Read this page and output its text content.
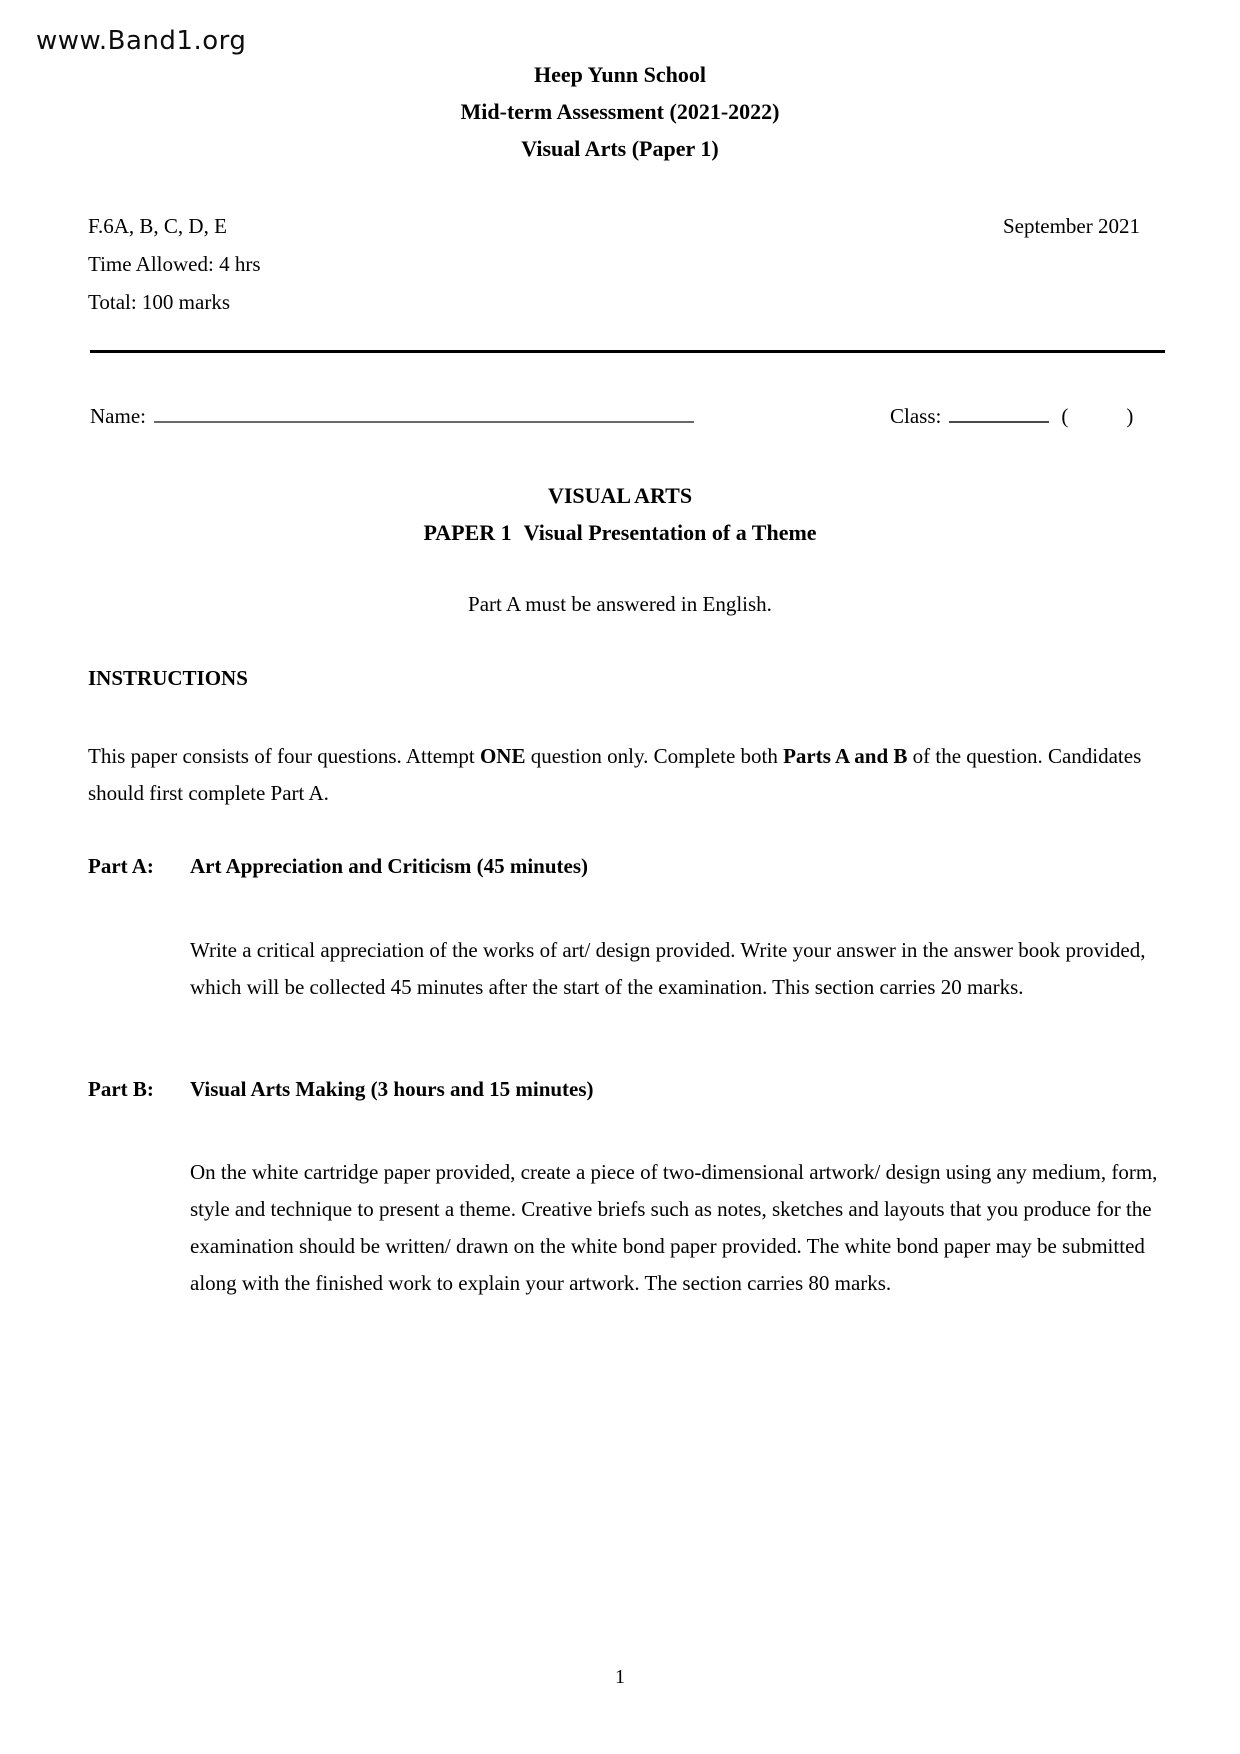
www.Band1.org
Heep Yunn School
Mid-term Assessment (2021-2022)
Visual Arts (Paper 1)
F.6A, B, C, D, E	September 2021
Time Allowed: 4 hrs
Total: 100 marks
Name:	Class:	(	)
VISUAL ARTS
PAPER 1 Visual Presentation of a Theme
Part A must be answered in English.
INSTRUCTIONS
This paper consists of four questions. Attempt ONE question only. Complete both Parts A and B of the question. Candidates should first complete Part A.
Part A: Art Appreciation and Criticism (45 minutes)
Write a critical appreciation of the works of art/ design provided. Write your answer in the answer book provided, which will be collected 45 minutes after the start of the examination. This section carries 20 marks.
Part B: Visual Arts Making (3 hours and 15 minutes)
On the white cartridge paper provided, create a piece of two-dimensional artwork/ design using any medium, form, style and technique to present a theme. Creative briefs such as notes, sketches and layouts that you produce for the examination should be written/ drawn on the white bond paper provided. The white bond paper may be submitted along with the finished work to explain your artwork. The section carries 80 marks.
1
